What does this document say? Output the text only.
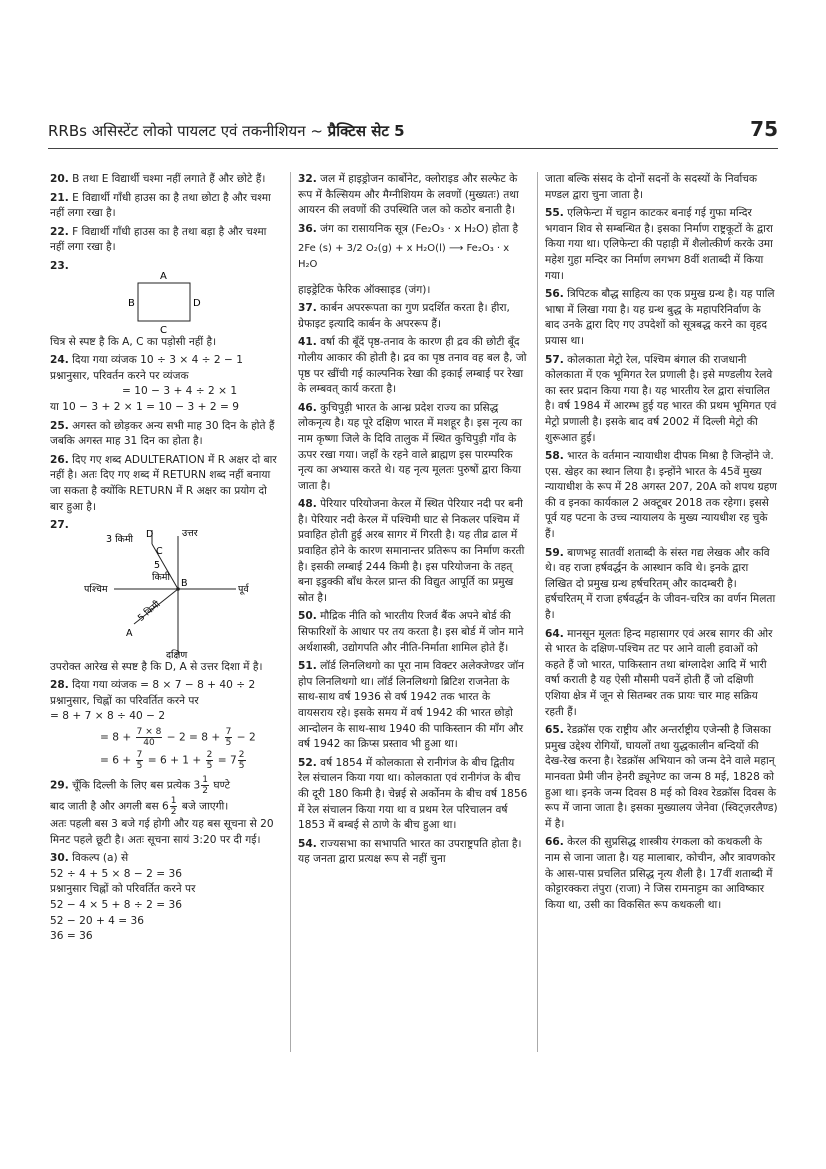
RRBs असिस्टेंट लोको पायलट एवं तकनीशियन ~ प्रैक्टिस सेट 5	75

20. B तथा E विद्यार्थी चश्मा नहीं लगाते हैं और छोटे हैं।

21. E विद्यार्थी गाँधी हाउस का है तथा छोटा है और चश्मा नहीं लगा रखा है।

22. F विद्यार्थी गाँधी हाउस का है तथा बड़ा है और चश्मा नहीं लगा रखा है।

23.

A
B	D
C

चित्र से स्पष्ट है कि A, C का पड़ोसी नहीं है।

24. दिया गया व्यंजक 10 ÷ 3 × 4 ÷ 2 − 1

प्रश्नानुसार, परिवर्तन करने पर व्यंजक

= 10 − 3 + 4 ÷ 2 × 1

या 10 − 3 + 2 × 1 = 10 − 3 + 2 = 9

25. अगस्त को छोड़कर अन्य सभी माह 30 दिन के होते हैं जबकि अगस्त माह 31 दिन का होता है।

26. दिए गए शब्द ADULTERATION में R अक्षर दो बार नहीं है। अतः दिए गए शब्द में RETURN शब्द नहीं बनाया जा सकता है क्योंकि RETURN में R अक्षर का प्रयोग दो बार हुआ है।

27.

3 किमी D
C
उत्तर
5
किमी
B
पश्चिम	पूर्व
5 किमी
A
दक्षिण

उपरोक्त आरेख से स्पष्ट है कि D, A से उत्तर दिशा में है।

28. दिया गया व्यंजक = 8 × 7 − 8 + 40 ÷ 2

प्रश्नानुसार, चिह्नों का परिवर्तित करने पर

= 8 + 7 × 8 ÷ 40 − 2

= $8 + \frac{7 \times 8}{40} - 2 = 8 + \frac{7}{5} - 2$

= $6 + \frac{7}{5} = 6 + 1 + \frac{2}{5} = 7 \frac{2}{5}$

29. चूँकि दिल्ली के लिए बस प्रत्येक $3 \frac{1}{2}$ घण्टे

बाद जाती है और अगली बस $6 \frac{1}{2}$ बजे जाएगी।

अतः पहली बस 3 बजे गई होगी और यह बस सूचना से 20 मिनट पहले छूटी है। अतः सूचना सायं 3:20 पर दी गई।

30. विकल्प (a) से

52 ÷ 4 + 5 × 8 − 2 = 36

प्रश्नानुसार चिह्नों को परिवर्तित करने पर

52 − 4 × 5 + 8 ÷ 2 = 36

52 − 20 + 4 = 36

36 = 36

32. जल में हाइड्रोजन कार्बोनेट, क्लोराइड और सल्फेट के रूप में कैल्सियम और मैग्नीशियम के लवणों (मुख्यतः) तथा आयरन की लवणों की उपस्थिति जल को कठोर बनाती है।

36. जंग का रासायनिक सूत्र (Fe₂O₃ · x H₂O) होता है

2Fe (s) + 3/2 O₂(g) + x H₂O(l) ⟶ Fe₂O₃ · x H₂O

हाइड्रेटिक फेरिक ऑक्साइड (जंग)।

37. कार्बन अपररूपता का गुण प्रदर्शित करता है। हीरा, ग्रेफाइट इत्यादि कार्बन के अपररूप हैं।

41. वर्षा की बूँदें पृष्ठ-तनाव के कारण ही द्रव की छोटी बूँद गोलीय आकार की होती है। द्रव का पृष्ठ तनाव वह बल है, जो पृष्ठ पर खींची गई काल्पनिक रेखा की इकाई लम्बाई पर रेखा के लम्बवत् कार्य करता है।

46. कुचिपुड़ी भारत के आन्ध्र प्रदेश राज्य का प्रसिद्ध लोकनृत्य है। यह पूरे दक्षिण भारत में मशहूर है। इस नृत्य का नाम कृष्णा जिले के दिवि तालुक में स्थित कुचिपुड़ी गाँव के ऊपर रखा गया। जहाँ के रहने वाले ब्राह्मण इस पारम्परिक नृत्य का अभ्यास करते थे। यह नृत्य मूलतः पुरुषों द्वारा किया जाता है।

48. पेरियार परियोजना केरल में स्थित पेरियार नदी पर बनी है। पेरियार नदी केरल में पश्चिमी घाट से निकलर पश्चिम में प्रवाहित होती हुई अरब सागर में गिरती है। यह तीव्र ढाल में प्रवाहित होने के कारण समानान्तर प्रतिरूप का निर्माण करती है। इसकी लम्बाई 244 किमी है। इस परियोजना के तहत् बना इडुक्की बाँध केरल प्रान्त की विद्युत आपूर्ति का प्रमुख स्रोत है।

50. मौद्रिक नीति को भारतीय रिजर्व बैंक अपने बोर्ड की सिफारिशों के आधार पर तय करता है। इस बोर्ड में जोन माने अर्थशास्त्री, उद्योगपति और नीति-निर्माता शामिल होते हैं।

51. लॉर्ड लिनलिथगो का पूरा नाम विक्टर अलेक्जेण्डर जॉन होप लिनलिथगो था। लॉर्ड लिनलिथगो ब्रिटिश राजनेता के साथ-साथ वर्ष 1936 से वर्ष 1942 तक भारत के वायसराय रहे। इसके समय में वर्ष 1942 की भारत छोड़ो आन्दोलन के साथ-साथ 1940 की पाकिस्तान की माँग और वर्ष 1942 का क्रिप्स प्रस्ताव भी हुआ था।

52. वर्ष 1854 में कोलकाता से रानीगंज के बीच द्वितीय रेल संचालन किया गया था। कोलकाता एवं रानीगंज के बीच की दूरी 180 किमी है। चेन्नई से अर्कोनम के बीच वर्ष 1856 में रेल संचालन किया गया था व प्रथम रेल परिचालन वर्ष 1853 में बम्बई से ठाणे के बीच हुआ था।

54. राज्यसभा का सभापति भारत का उपराष्ट्रपति होता है। यह जनता द्वारा प्रत्यक्ष रूप से नहीं चुना

जाता बल्कि संसद के दोनों सदनों के सदस्यों के निर्वाचक मण्डल द्वारा चुना जाता है।

55. एलिफेन्टा में चट्टान काटकर बनाई गई गुफा मन्दिर भगवान शिव से सम्बन्धित है। इसका निर्माण राष्ट्रकूटों के द्वारा किया गया था। एलिफेन्टा की पहाड़ी में शैलोत्कीर्ण करके उमा महेश गुहा मन्दिर का निर्माण लगभग 8वीं शताब्दी में किया गया।

56. त्रिपिटक बौद्ध साहित्य का एक प्रमुख ग्रन्थ है। यह पालि भाषा में लिखा गया है। यह ग्रन्थ बुद्ध के महापरिनिर्वाण के बाद उनके द्वारा दिए गए उपदेशों को सूत्रबद्ध करने का वृहद प्रयास था।

57. कोलकाता मेट्रो रेल, पश्चिम बंगाल की राजधानी कोलकाता में एक भूमिगत रेल प्रणाली है। इसे मण्डलीय रेलवे का स्तर प्रदान किया गया है। यह भारतीय रेल द्वारा संचालित है। वर्ष 1984 में आरम्भ हुई यह भारत की प्रथम भूमिगत एवं मेट्रो प्रणाली है। इसके बाद वर्ष 2002 में दिल्ली मेट्रो की शुरूआत हुई।

58. भारत के वर्तमान न्यायाधीश दीपक मिश्रा है जिन्होंने जे. एस. खेहर का स्थान लिया है। इन्होंने भारत के 45वें मुख्य न्यायाधीश के रूप में 28 अगस्त 207, 20A को शपथ ग्रहण की व इनका कार्यकाल 2 अक्टूबर 2018 तक रहेगा। इससे पूर्व यह पटना के उच्च न्यायालय के मुख्य न्यायधीश रह चुके हैं।

59. बाणभट्ट सातवीं शताब्दी के संस्त गद्य लेखक और कवि थे। वह राजा हर्षवर्द्धन के आस्थान कवि थे। इनके द्वारा लिखित दो प्रमुख ग्रन्थ हर्षचरितम् और कादम्बरी है। हर्षचरितम् में राजा हर्षवर्द्धन के जीवन-चरित्र का वर्णन मिलता है।

64. मानसून मूलतः हिन्द महासागर एवं अरब सागर की ओर से भारत के दक्षिण-पश्चिम तट पर आने वाली हवाओं को कहते हैं जो भारत, पाकिस्तान तथा बांग्लादेश आदि में भारी वर्षा कराती है यह ऐसी मौसमी पवनें होती हैं जो दक्षिणी एशिया क्षेत्र में जून से सितम्बर तक प्रायः चार माह सक्रिय रहती हैं।

65. रेडक्रॉस एक राष्ट्रीय और अन्तर्राष्ट्रीय एजेन्सी है जिसका प्रमुख उद्देश्य रोगियों, घायलों तथा युद्धकालीन बन्दियों की देख-रेख करना है। रेडक्रॉस अभियान को जन्म देने वाले महान् मानवता प्रेमी जीन हेनरी ड्यूनेण्ट का जन्म 8 मई, 1828 को हुआ था। इनके जन्म दिवस 8 मई को विश्व रेडक्रॉस दिवस के रूप में जाना जाता है। इसका मुख्यालय जेनेवा (स्विट्ज़रलैण्ड) में है।

66. केरल की सुप्रसिद्ध शास्त्रीय रंगकला को कथकली के नाम से जाना जाता है। यह मालाबार, कोचीन, और त्रावणकोर के आस-पास प्रचलित प्रसिद्ध नृत्य शैली है। 17वीं शताब्दी में कोट्टारक्करा तंपुरा (राजा) ने जिस रामनाट्टम का आविष्कार किया था, उसी का विकसित रूप कथकली था।
